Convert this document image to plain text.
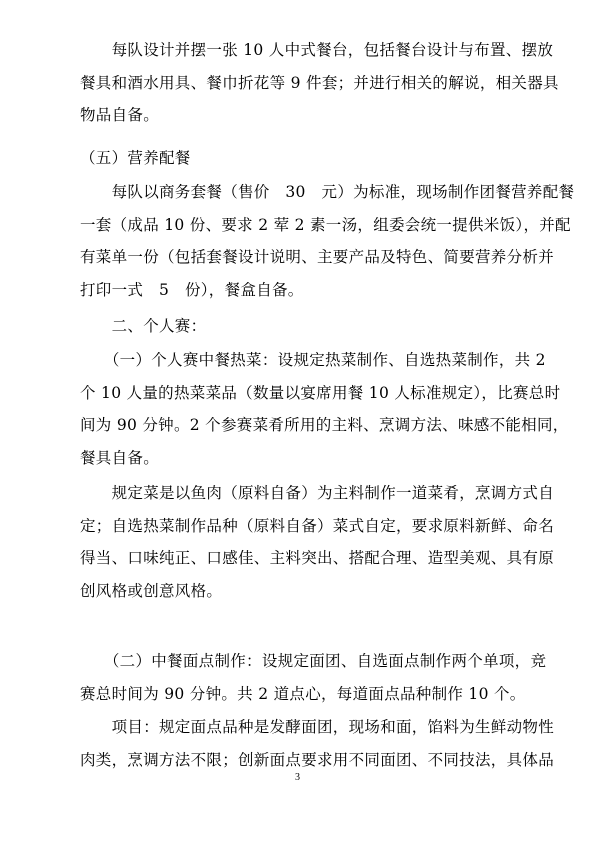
　　每队设计并摆一张 10 人中式餐台，包括餐台设计与布置、摆放
餐具和酒水用具、餐巾折花等 9 件套；并进行相关的解说，相关器具
物品自备。

（五）营养配餐

　　每队以商务套餐（售价　30　元）为标准，现场制作团餐营养配餐
一套（成品 10 份、要求 2 荤 2 素一汤，组委会统一提供米饭），并配
有菜单一份（包括套餐设计说明、主要产品及特色、简要营养分析并
打印一式　5　份），餐盒自备。

　　二、个人赛：

　　（一）个人赛中餐热菜：设规定热菜制作、自选热菜制作，共 2
个 10 人量的热菜菜品（数量以宴席用餐 10 人标准规定），比赛总时
间为 90 分钟。2 个参赛菜肴所用的主料、烹调方法、味感不能相同，
餐具自备。

　　规定菜是以鱼肉（原料自备）为主料制作一道菜肴，烹调方式自
定；自选热菜制作品种（原料自备）菜式自定，要求原料新鲜、命名
得当、口味纯正、口感佳、主料突出、搭配合理、造型美观、具有原
创风格或创意风格。

　　（二）中餐面点制作：设规定面团、自选面点制作两个单项，竞
赛总时间为 90 分钟。共 2 道点心，每道面点品种制作 10 个。

　　项目：规定面点品种是发酵面团，现场和面，馅料为生鲜动物性
肉类，烹调方法不限；创新面点要求用不同面团、不同技法，具体品

3
